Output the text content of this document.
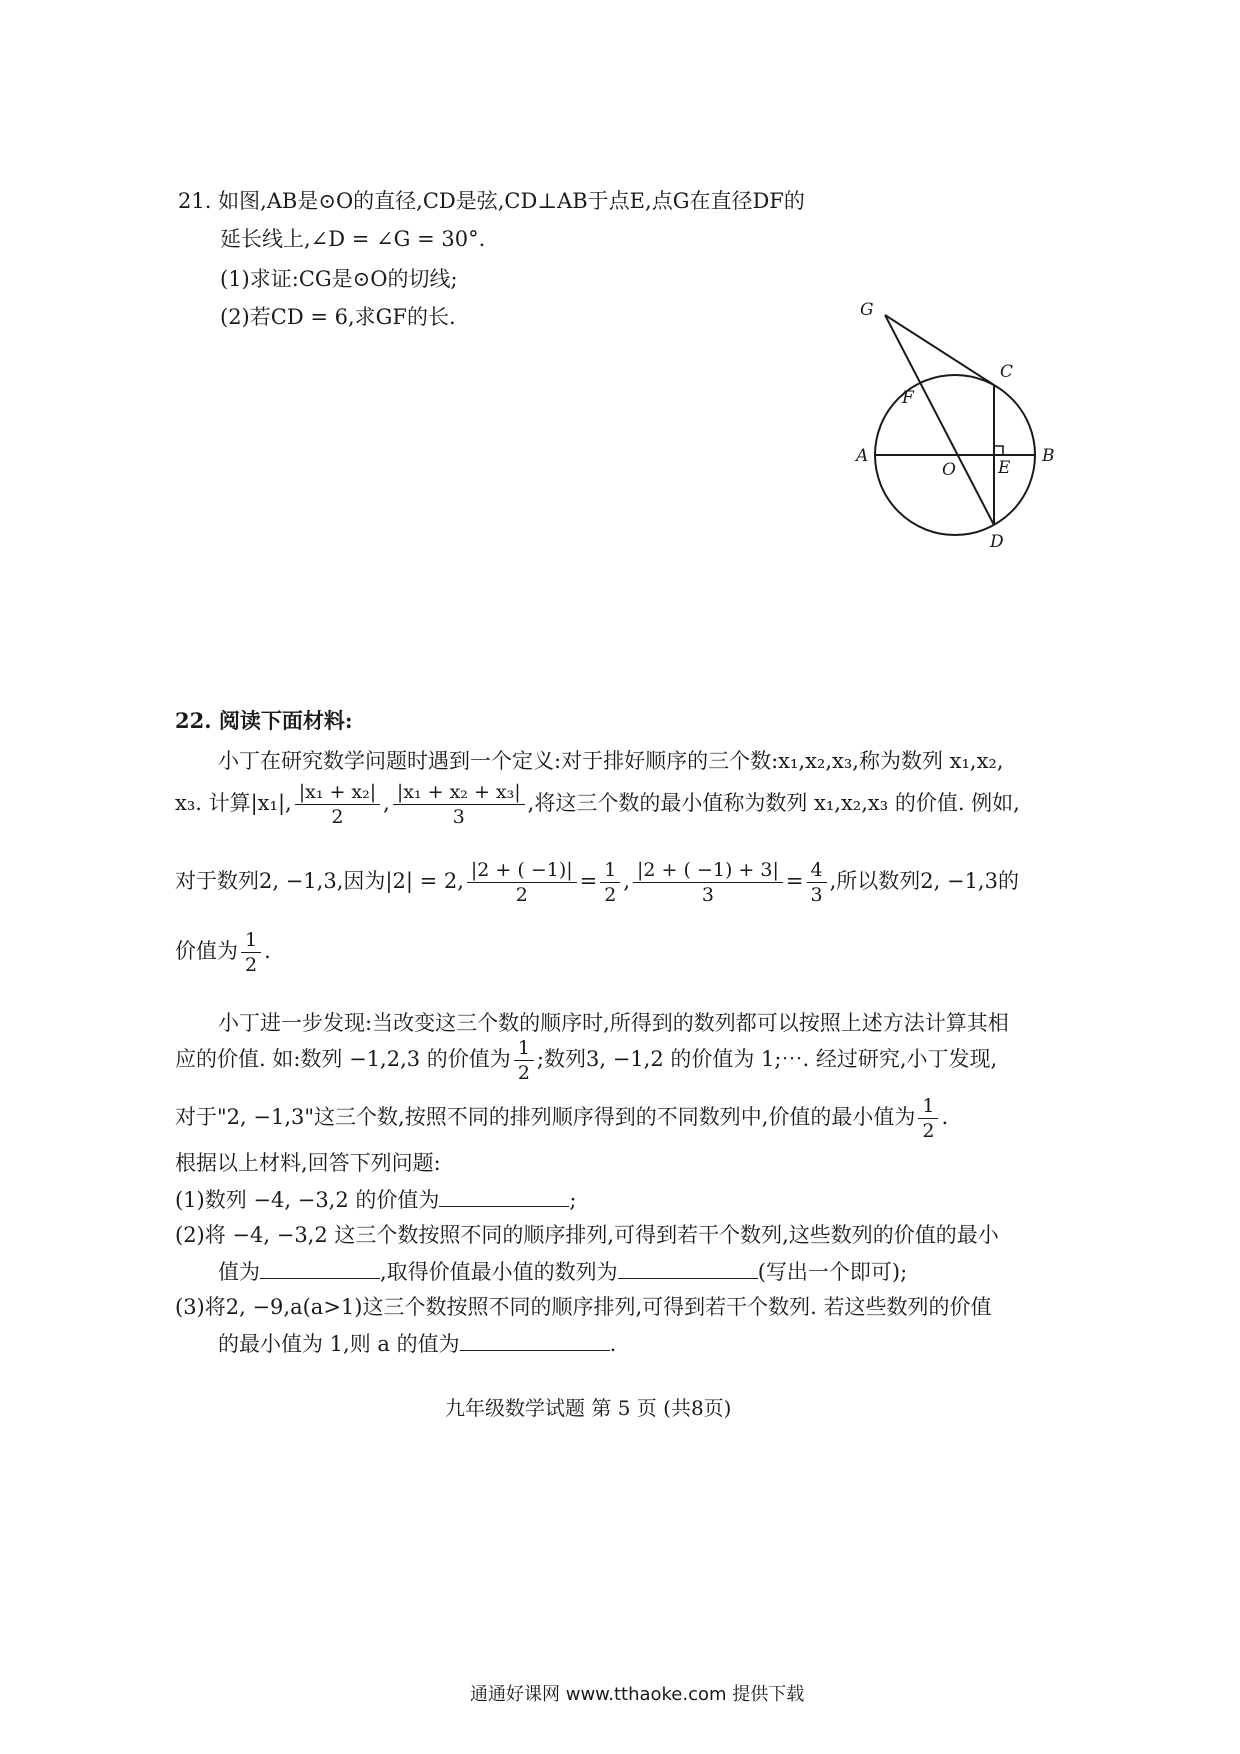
21. 如图,AB是⊙O的直径,CD是弦,CD⊥AB于点E,点G在直径DF的
延长线上,∠D = ∠G = 30°.
(1)求证:CG是⊙O的切线;
(2)若CD = 6,求GF的长.	G
C
F
A
O E
B
D
22. 阅读下面材料:
小丁在研究数学问题时遇到一个定义:对于排好顺序的三个数:x₁,x₂,x₃,称为数列 x₁,x₂,
x₃. 计算|x₁|, $\frac{\text{|x₁ + x₂|}}{2}$ , $\frac{\text{|x₁ + x₂ + x₃|}}{3}$ ,将这三个数的最小值称为数列 x₁,x₂,x₃ 的价值. 例如,
对于数列2, −1,3,因为|2| = 2, $\frac{|2 + ( -1)|}{2} = \frac{1}{2}$ , $\frac{|2 + ( -1) + 3|}{3} = \frac{4}{3}$ ,所以数列2, −1,3的
价值为 $\frac{1}{2}$ .
小丁进一步发现:当改变这三个数的顺序时,所得到的数列都可以按照上述方法计算其相
应的价值. 如:数列 −1,2,3 的价值为 $\frac{1}{2}$ ;数列3, −1,2 的价值为 1;⋯. 经过研究,小丁发现,
对于"2, −1,3"这三个数,按照不同的排列顺序得到的不同数列中,价值的最小值为 $\frac{1}{2}$ .
根据以上材料,回答下列问题:
(1)数列 −4, −3,2 的价值为	;
(2)将 −4, −3,2 这三个数按照不同的顺序排列,可得到若干个数列,这些数列的价值的最小
值为	,取得价值最小值的数列为	(写出一个即可);
(3)将2, −9,a(a>1)这三个数按照不同的顺序排列,可得到若干个数列. 若这些数列的价值
的最小值为 1,则 a 的值为	.
九年级数学试题 第 5 页 (共8页)
通通好课网 www.tthaoke.com 提供下载
